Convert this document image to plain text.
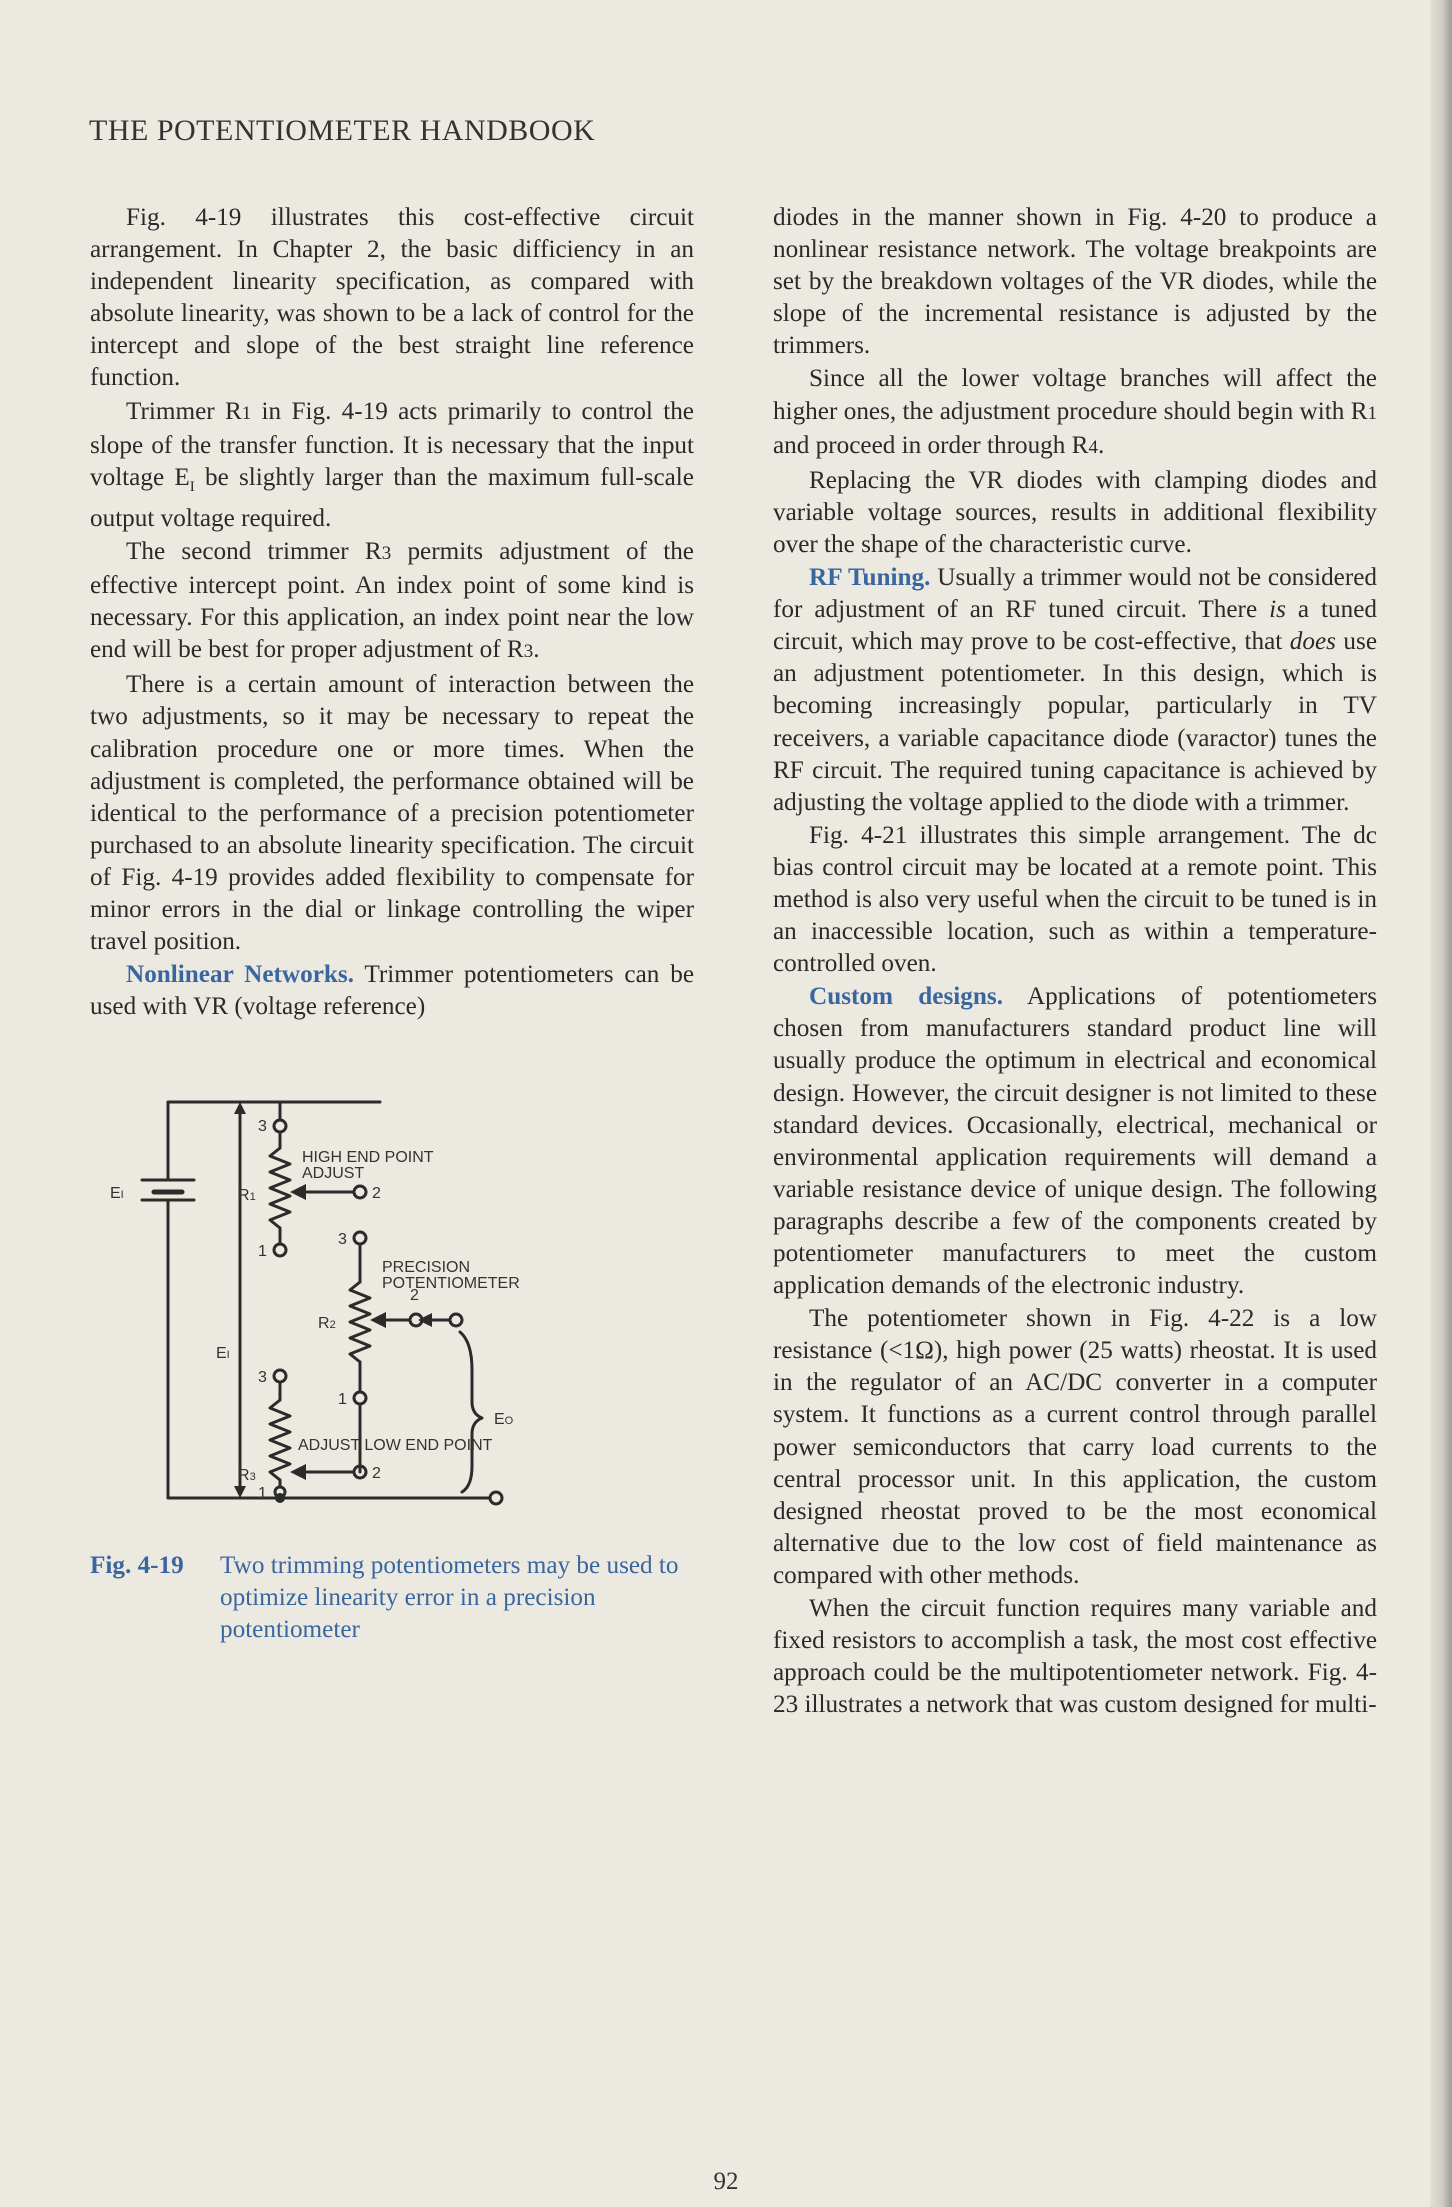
THE POTENTIOMETER HANDBOOK

Fig. 4-19 illustrates this cost-effective circuit arrangement. In Chapter 2, the basic difficiency in an independent linearity specification, as compared with absolute linearity, was shown to be a lack of control for the intercept and slope of the best straight line reference function.

Trimmer R1 in Fig. 4-19 acts primarily to control the slope of the transfer function. It is necessary that the input voltage $E_I$ be slightly larger than the maximum full-scale output voltage required.

The second trimmer R3 permits adjustment of the effective intercept point. An index point of some kind is necessary. For this application, an index point near the low end will be best for proper adjustment of R3.

There is a certain amount of interaction between the two adjustments, so it may be necessary to repeat the calibration procedure one or more times. When the adjustment is completed, the performance obtained will be identical to the performance of a precision potentiometer purchased to an absolute linearity specification. The circuit of Fig. 4-19 provides added flexibility to compensate for minor errors in the dial or linkage controlling the wiper travel position.

Nonlinear Networks. Trimmer potentiometers can be used with VR (voltage reference)

EI
EI
EO
R1
R2
R3
3
2
1
3
2
1
3
2
1
HIGH END POINT
ADJUST
PRECISION
POTENTIOMETER
ADJUST LOW END POINT
Fig. 4-19 Two trimming potentiometers may be used to optimize linearity error in a precision potentiometer

diodes in the manner shown in Fig. 4-20 to produce a nonlinear resistance network. The voltage breakpoints are set by the breakdown voltages of the VR diodes, while the slope of the incremental resistance is adjusted by the trimmers.

Since all the lower voltage branches will affect the higher ones, the adjustment procedure should begin with R1 and proceed in order through R4.

Replacing the VR diodes with clamping diodes and variable voltage sources, results in additional flexibility over the shape of the characteristic curve.

RF Tuning. Usually a trimmer would not be considered for adjustment of an RF tuned circuit. There is a tuned circuit, which may prove to be cost-effective, that does use an adjustment potentiometer. In this design, which is becoming increasingly popular, particularly in TV receivers, a variable capacitance diode (varactor) tunes the RF circuit. The required tuning capacitance is achieved by adjusting the voltage applied to the diode with a trimmer.

Fig. 4-21 illustrates this simple arrangement. The dc bias control circuit may be located at a remote point. This method is also very useful when the circuit to be tuned is in an inaccessible location, such as within a temperature-controlled oven.

Custom designs. Applications of potentiometers chosen from manufacturers standard product line will usually produce the optimum in electrical and economical design. However, the circuit designer is not limited to these standard devices. Occasionally, electrical, mechanical or environmental application requirements will demand a variable resistance device of unique design. The following paragraphs describe a few of the components created by potentiometer manufacturers to meet the custom application demands of the electronic industry.

The potentiometer shown in Fig. 4-22 is a low resistance (<1Ω), high power (25 watts) rheostat. It is used in the regulator of an AC/DC converter in a computer system. It functions as a current control through parallel power semiconductors that carry load currents to the central processor unit. In this application, the custom designed rheostat proved to be the most economical alternative due to the low cost of field maintenance as compared with other methods.

When the circuit function requires many variable and fixed resistors to accomplish a task, the most cost effective approach could be the multipotentiometer network. Fig. 4-23 illustrates a network that was custom designed for multi-

92
